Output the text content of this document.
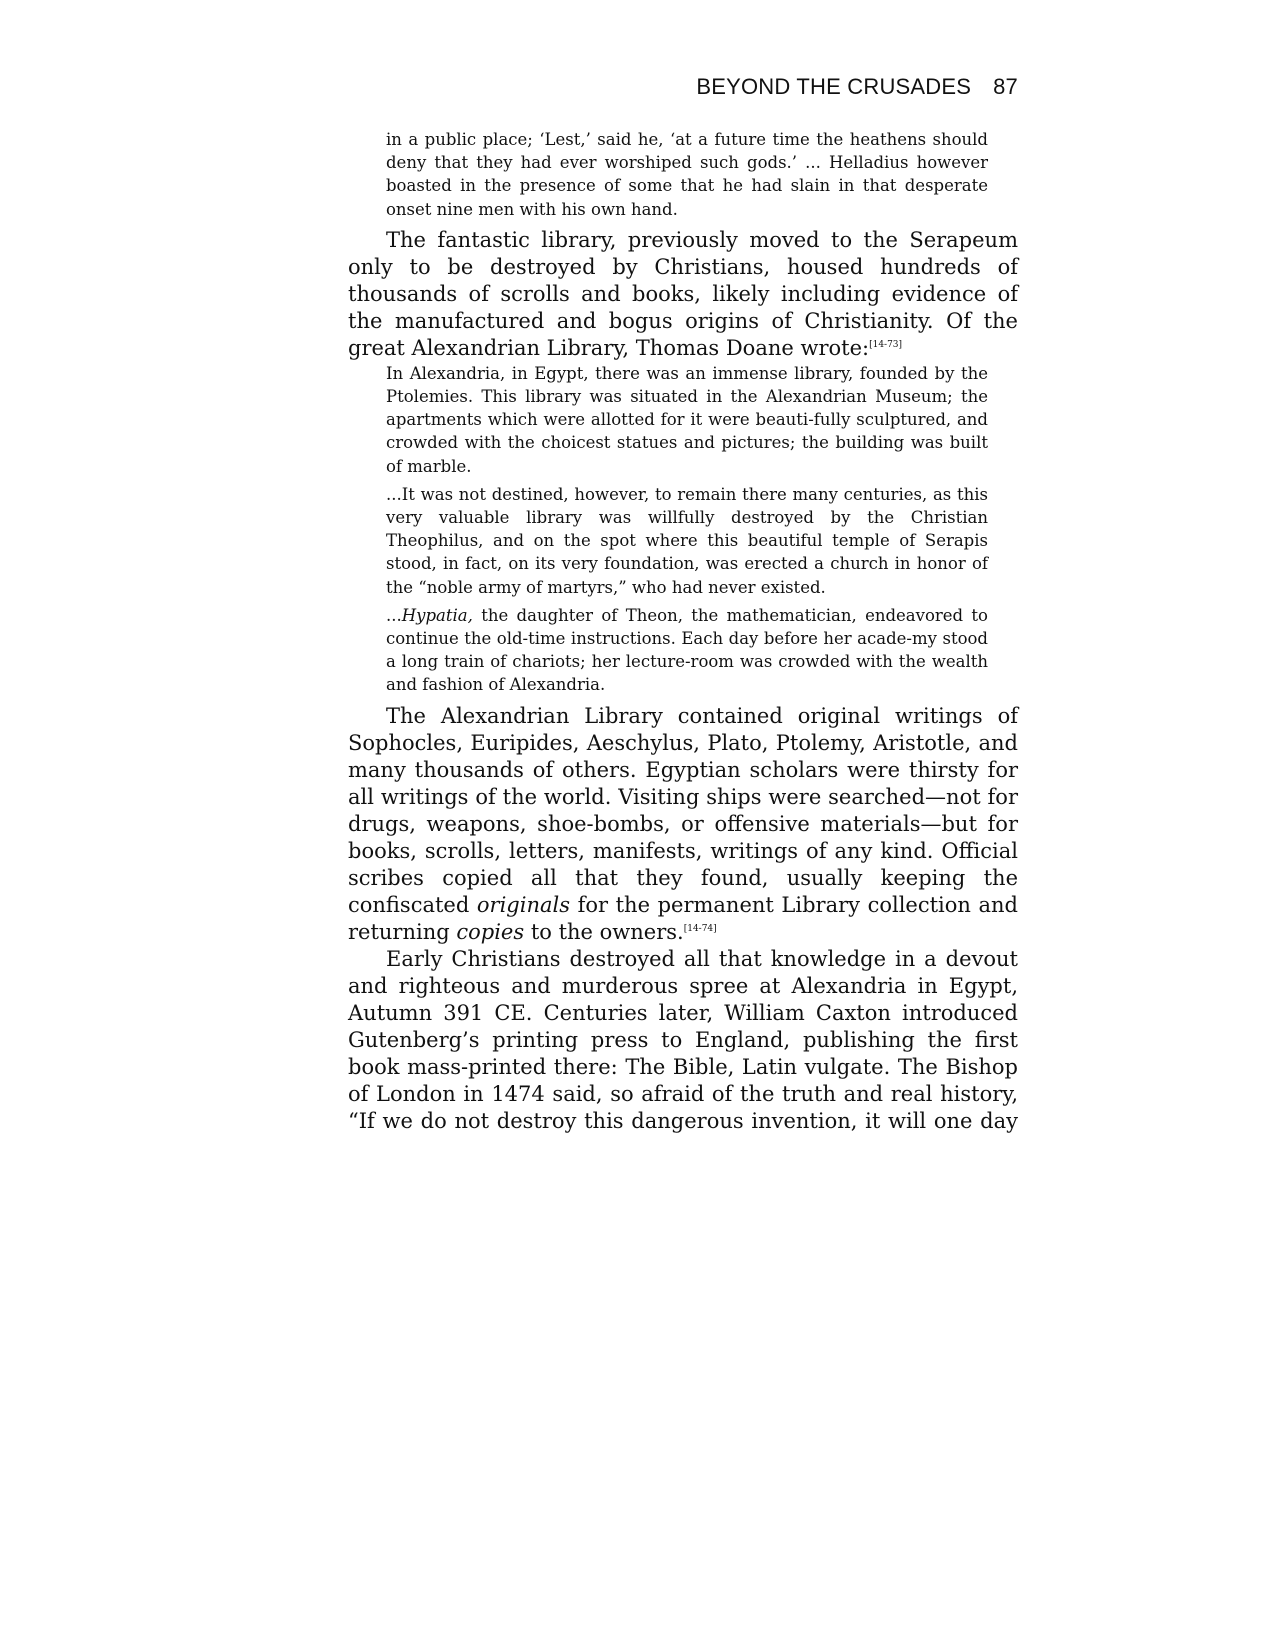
BEYOND THE CRUSADES 87

in a public place; ‘Lest,’ said he, ‘at a future time the heathens should deny that they had ever worshiped such gods.’ ... Helladius however boasted in the presence of some that he had slain in that desperate onset nine men with his own hand.

The fantastic library, previously moved to the Serapeum only to be destroyed by Christians, housed hundreds of thousands of scrolls and books, likely including evidence of the manufactured and bogus origins of Christianity. Of the great Alexandrian Library, Thomas Doane wrote:[14-73]

In Alexandria, in Egypt, there was an immense library, founded by the Ptolemies. This library was situated in the Alexandrian Museum; the apartments which were allotted for it were beauti-fully sculptured, and crowded with the choicest statues and pictures; the building was built of marble.

...It was not destined, however, to remain there many centuries, as this very valuable library was willfully destroyed by the Christian Theophilus, and on the spot where this beautiful temple of Serapis stood, in fact, on its very foundation, was erected a church in honor of the “noble army of martyrs,” who had never existed.

...Hypatia, the daughter of Theon, the mathematician, endeavored to continue the old-time instructions. Each day before her acade-my stood a long train of chariots; her lecture-room was crowded with the wealth and fashion of Alexandria.

The Alexandrian Library contained original writings of Sophocles, Euripides, Aeschylus, Plato, Ptolemy, Aristotle, and many thousands of others. Egyptian scholars were thirsty for all writings of the world. Visiting ships were searched—not for drugs, weapons, shoe-bombs, or offensive materials—but for books, scrolls, letters, manifests, writings of any kind. Official scribes copied all that they found, usually keeping the confiscated originals for the permanent Library collection and returning copies to the owners.[14-74]

Early Christians destroyed all that knowledge in a devout and righteous and murderous spree at Alexandria in Egypt, Autumn 391 CE. Centuries later, William Caxton introduced Gutenberg’s printing press to England, publishing the first book mass-printed there: The Bible, Latin vulgate. The Bishop of London in 1474 said, so afraid of the truth and real history, “If we do not destroy this dangerous invention, it will one day
